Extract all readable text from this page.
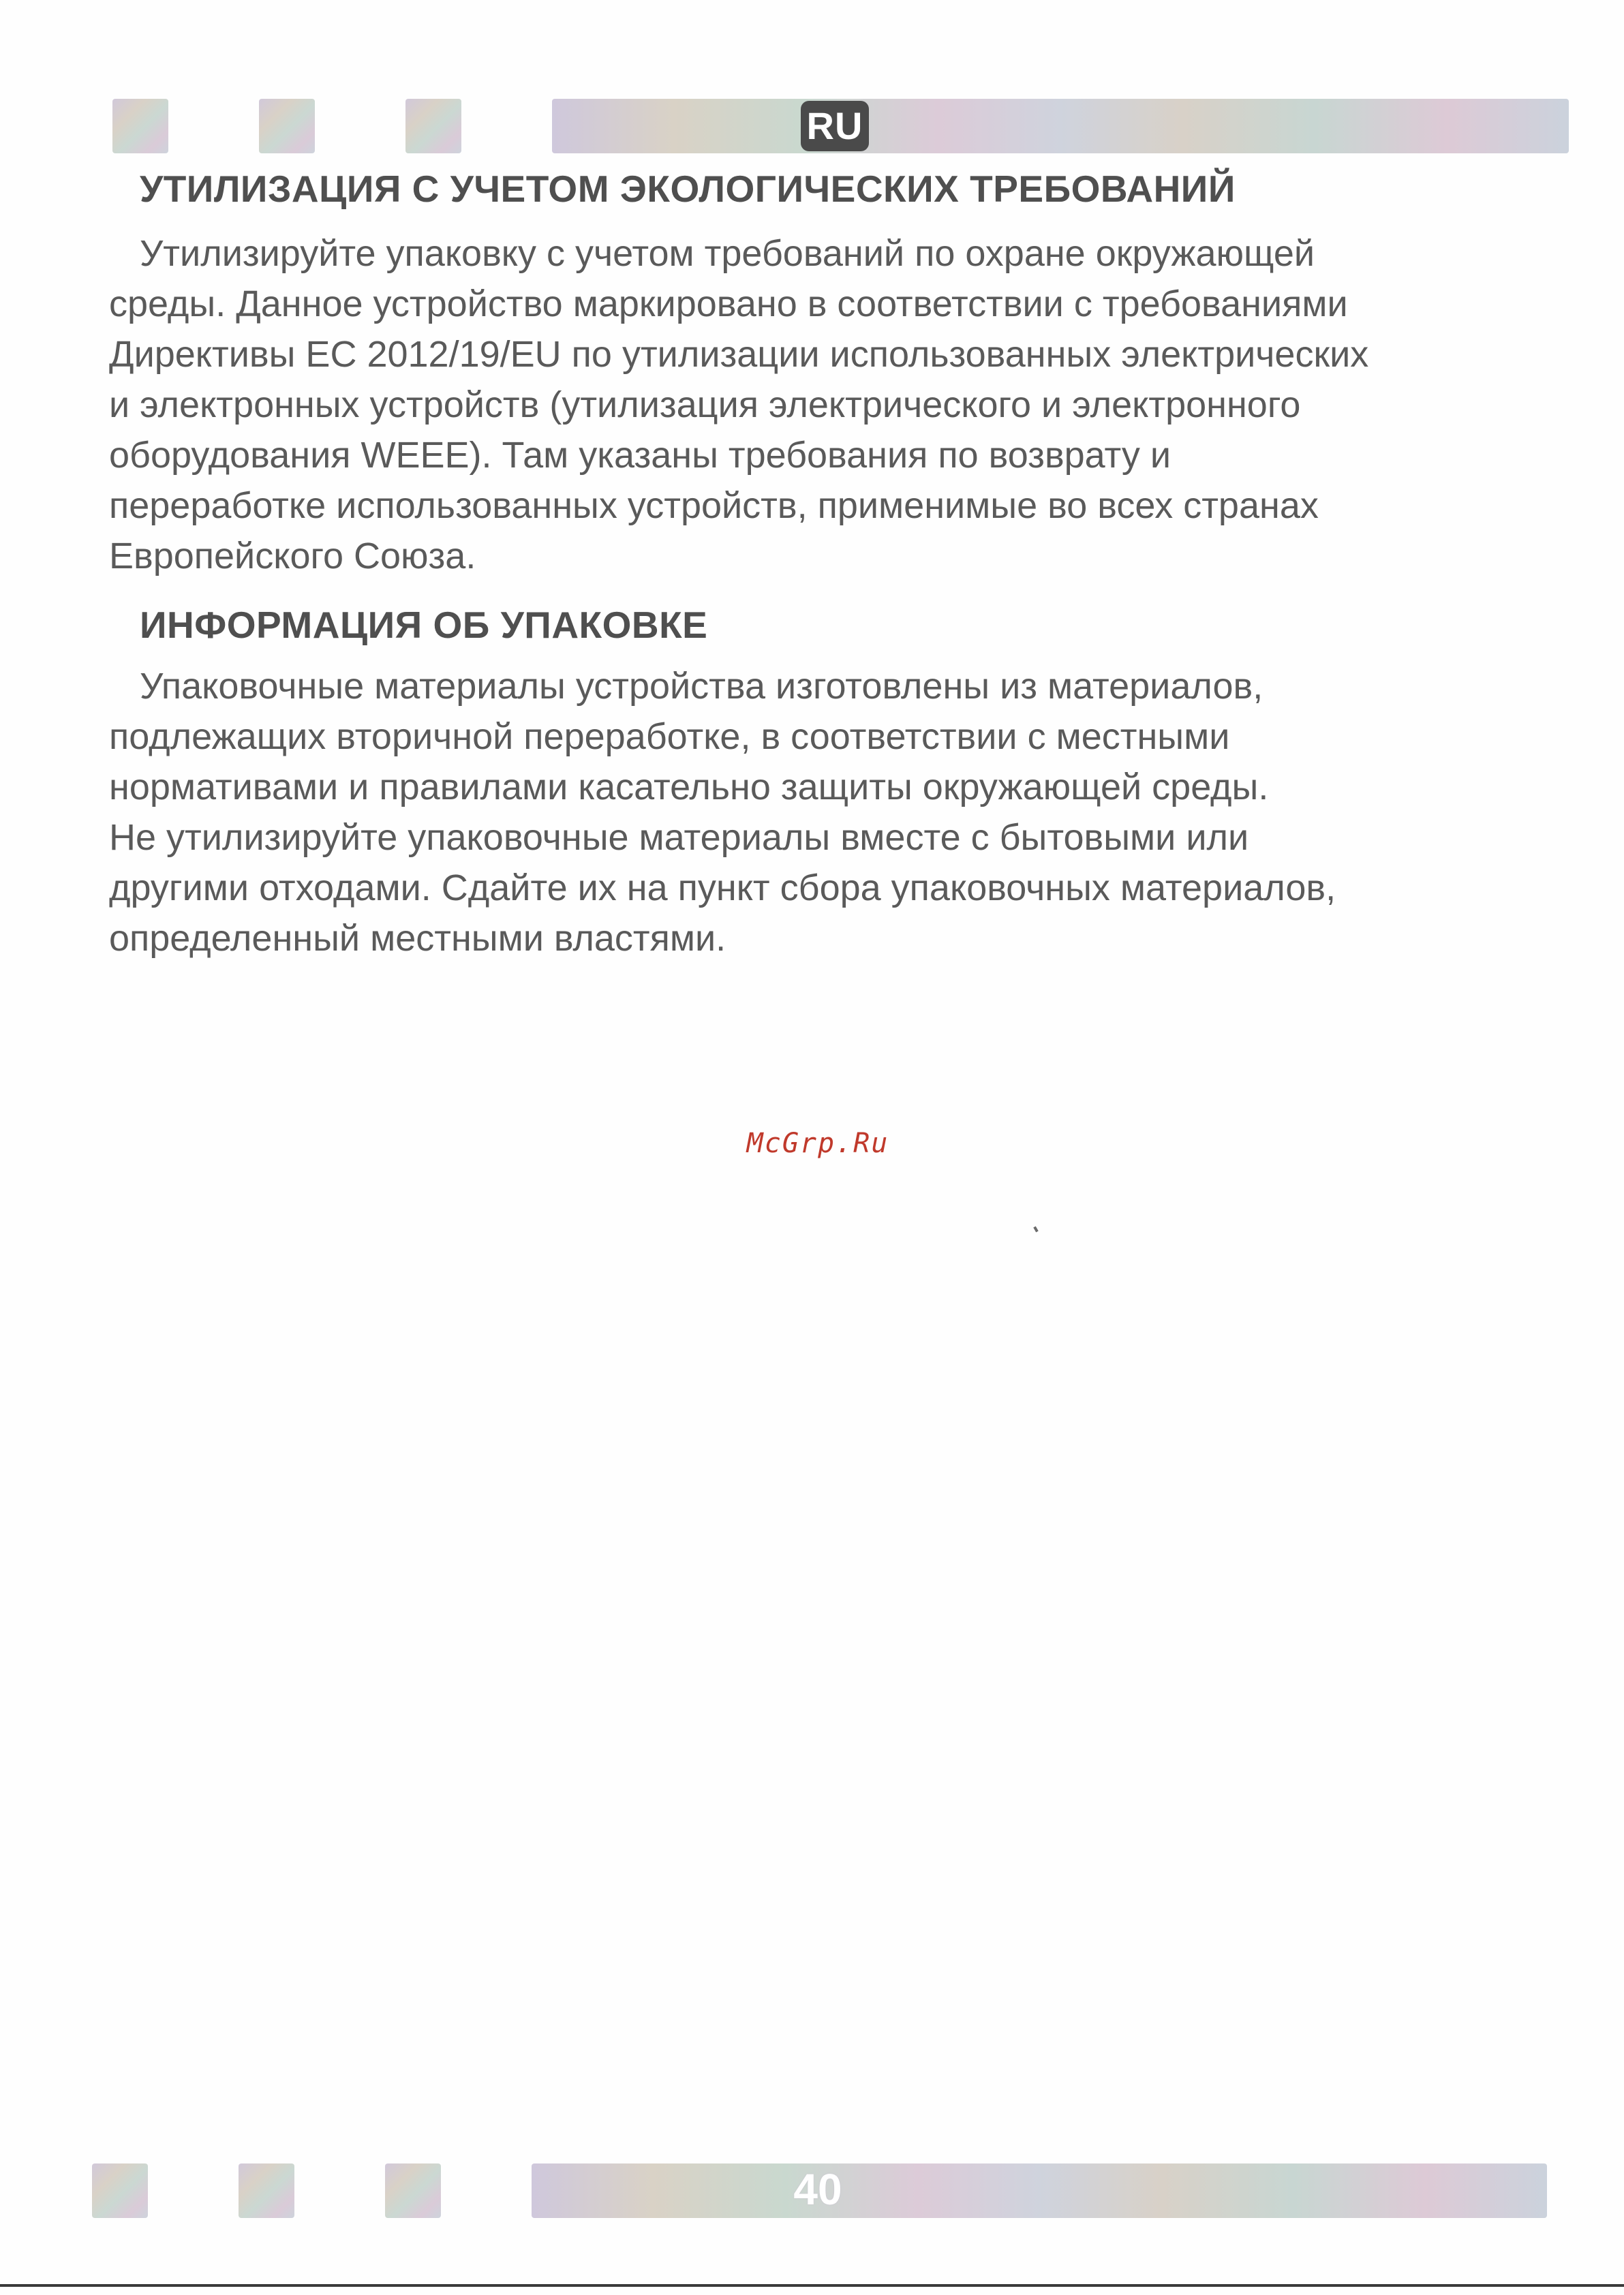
RU
УТИЛИЗАЦИЯ С УЧЕТОМ ЭКОЛОГИЧЕСКИХ ТРЕБОВАНИЙ
Утилизируйте упаковку с учетом требований по охране окружающей
среды. Данное устройство маркировано в соответствии с требованиями
Директивы ЕС 2012/19/EU по утилизации использованных электрических
и электронных устройств (утилизация электрического и электронного
оборудования WEEE). Там указаны требования по возврату и
переработке использованных устройств, применимые во всех странах
Европейского Союза.
ИНФОРМАЦИЯ ОБ УПАКОВКЕ
Упаковочные материалы устройства изготовлены из материалов,
подлежащих вторичной переработке, в соответствии с местными
нормативами и правилами касательно защиты окружающей среды.
Не утилизируйте упаковочные материалы вместе с бытовыми или
другими отходами. Сдайте их на пункт сбора упаковочных материалов,
определенный местными властями.
McGrp.Ru
40
